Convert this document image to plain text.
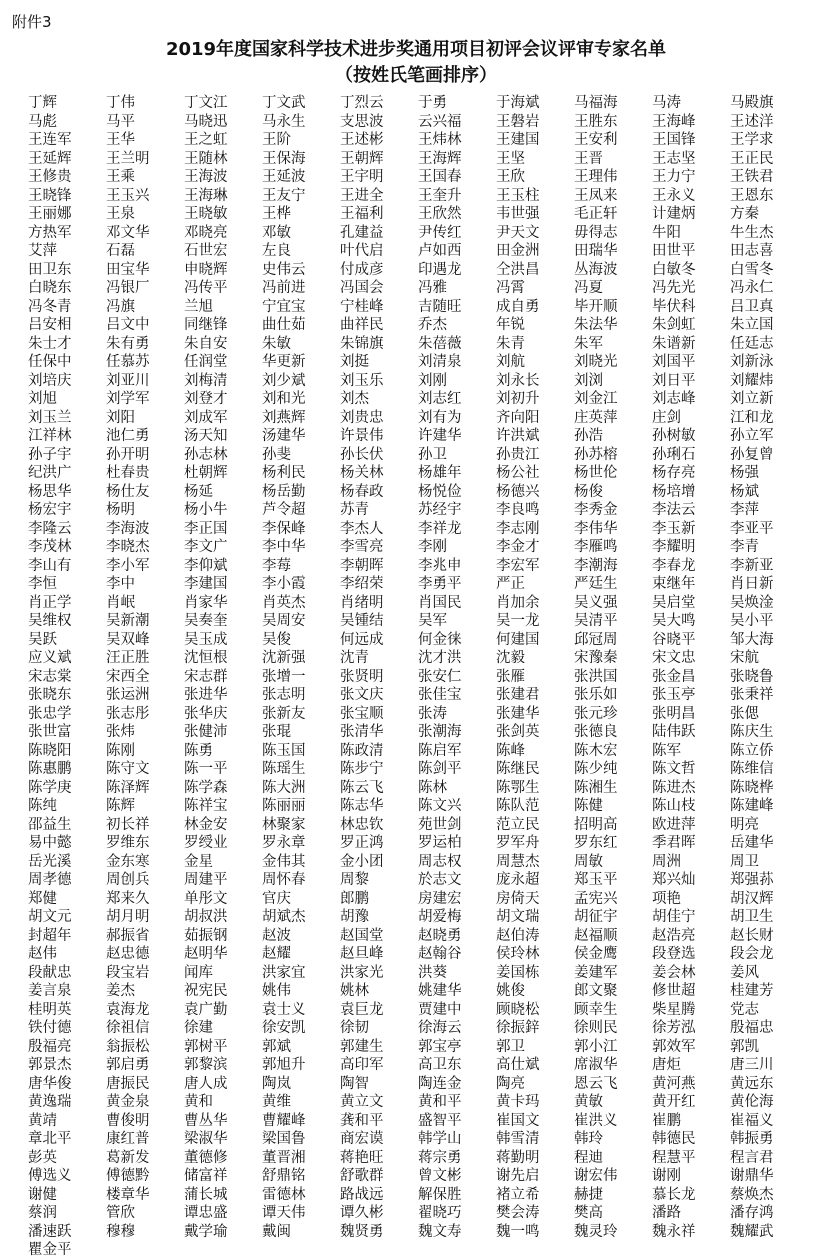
附件3
2019年度国家科学技术进步奖通用项目初评会议评审专家名单
（按姓氏笔画排序）
丁辉	丁伟	丁文江	丁文武	丁烈云	于勇	于海斌	马福海	马涛	马殿旗
马彪	马平	马晓迅	马永生	支思波	云兴福	王磐岩	王胜东	王海峰	王述洋
王连军	王华	王之虹	王阶	王述彬	王炜林	王建国	王安利	王国锋	王学求
王延辉	王兰明	王随林	王保海	王朝辉	王海辉	王坚	王晋	王志坚	王正民
王修贵	王乘	王海波	王延波	王宇明	王国春	王欣	王理伟	王力宁	王铁君
王晓锋	王玉兴	王海琳	王友宁	王进全	王奎升	王玉柱	王凤来	王永义	王恩东
王丽娜	王泉	王晓敏	王桦	王福利	王欣然	韦世强	毛正轩	计建炳	方秦
方热军	邓文华	邓晓亮	邓敏	孔建益	尹传红	尹天文	毋得志	牛阳	牛生杰
艾萍	石磊	石世宏	左良	叶代启	卢如西	田金洲	田瑞华	田世平	田志喜
田卫东	田宝华	申晓辉	史伟云	付成彦	印遇龙	仝洪昌	丛海波	白敏冬	白雪冬
白晓东	冯银厂	冯传平	冯前进	冯国会	冯雅	冯霄	冯夏	冯先光	冯永仁
冯冬青	冯旗	兰旭	宁宜宝	宁桂峰	吉随旺	成自勇	毕开顺	毕伏科	吕卫真
吕安相	吕文中	同继锋	曲仕茹	曲祥民	乔杰	年锐	朱法华	朱剑虹	朱立国
朱士才	朱有勇	朱自安	朱敏	朱锦旗	朱蓓薇	朱青	朱军	朱谱新	任廷志
任保中	任慕苏	任润堂	华更新	刘挺	刘清泉	刘航	刘晓光	刘国平	刘新泳
刘培庆	刘亚川	刘梅清	刘少斌	刘玉乐	刘刚	刘永长	刘浏	刘日平	刘耀炜
刘旭	刘学军	刘登才	刘和光	刘杰	刘志红	刘初升	刘金江	刘志峰	刘立新
刘玉兰	刘阳	刘成军	刘燕辉	刘贵忠	刘有为	齐向阳	庄英萍	庄剑	江和龙
江祥林	池仁勇	汤天知	汤建华	许景伟	许建华	许洪斌	孙浩	孙树敏	孙立军
孙子宇	孙开明	孙志林	孙斐	孙长伏	孙卫	孙贵江	孙苏榕	孙琍石	孙复曾
纪洪广	杜春贵	杜朝辉	杨利民	杨关林	杨雄年	杨公社	杨世伦	杨存亮	杨强
杨思华	杨仕友	杨延	杨岳勤	杨春政	杨悦俭	杨德兴	杨俊	杨培增	杨斌
杨宏宇	杨明	杨小牛	芦令超	苏青	苏经宇	李良鸣	李秀金	李法云	李萍
李隆云	李海波	李正国	李保峰	李杰人	李祥龙	李志刚	李伟华	李玉新	李亚平
李茂林	李晓杰	李文广	李中华	李雪亮	李刚	李金才	李雁鸣	李耀明	李青
李山有	李小军	李仰斌	李莓	李朝晖	李兆申	李宏军	李潮海	李春龙	李新亚
李恒	李中	李建国	李小霞	李绍荣	李勇平	严正	严廷生	束继年	肖日新
肖正学	肖岷	肖家华	肖英杰	肖绪明	肖国民	肖加余	吴义强	吴启堂	吴焕淦
吴维权	吴新潮	吴奏奎	吴周安	吴锺结	吴军	吴一龙	吴清平	吴大鸣	吴小平
吴跃	吴双峰	吴玉成	吴俊	何远成	何金徕	何建国	邱冠周	谷晓平	邹大海
应义斌	汪正胜	沈恒根	沈新强	沈青	沈才洪	沈毅	宋豫秦	宋文忠	宋航
宋志棠	宋西全	宋志群	张增一	张贤明	张安仁	张雁	张洪国	张金昌	张晓鲁
张晓东	张运洲	张进华	张志明	张文庆	张佳宝	张建君	张乐如	张玉亭	张秉祥
张忠学	张志彤	张华庆	张新友	张宝顺	张涛	张建华	张元珍	张明昌	张偲
张世富	张炜	张健沛	张琨	张清华	张潮海	张剑英	张德良	陆伟跃	陈庆生
陈晓阳	陈刚	陈勇	陈玉国	陈政清	陈启军	陈峰	陈木宏	陈军	陈立侨
陈惠鹏	陈守文	陈一平	陈瑶生	陈步宁	陈剑平	陈继民	陈少纯	陈文哲	陈维信
陈学庚	陈泽辉	陈学森	陈大洲	陈云飞	陈林	陈鄂生	陈湘生	陈进杰	陈晓桦
陈纯	陈辉	陈祥宝	陈丽丽	陈志华	陈文兴	陈队范	陈健	陈山枝	陈建峰
邵益生	初长祥	林金安	林聚家	林忠钦	苑世剑	范立民	招明高	欧进萍	明亮
易中懿	罗维东	罗绶业	罗永章	罗正鸿	罗运柏	罗军舟	罗东红	季君晖	岳建华
岳光溪	金东寒	金星	金伟其	金小团	周志权	周慧杰	周敏	周洲	周卫
周孝德	周创兵	周建平	周怀春	周黎	於志文	庞永超	郑玉平	郑兴灿	郑强荪
郑健	郑来久	单彤文	官庆	郎鹏	房建宏	房倚天	孟宪兴	项艳	胡汉辉
胡文元	胡月明	胡叔洪	胡斌杰	胡豫	胡爱梅	胡文瑞	胡征宇	胡佳宁	胡卫生
封超年	郝振省	茹振钢	赵波	赵国堂	赵晓勇	赵伯涛	赵福顺	赵浩亮	赵长财
赵伟	赵忠德	赵明华	赵耀	赵旦峰	赵翰谷	侯玲林	侯金鹰	段登选	段会龙
段献忠	段宝岩	闻库	洪家宜	洪家光	洪葵	姜国栋	姜建军	姜会林	姜风
姜言泉	姜杰	祝宪民	姚伟	姚林	姚建华	姚俊	郎文聚	修世超	桂建芳
桂明英	袁海龙	袁广勤	袁士义	袁巨龙	贾建中	顾晓松	顾幸生	柴星腾	党志
铁付德	徐祖信	徐建	徐安凯	徐韧	徐海云	徐振鋅	徐则民	徐芳泓	殷福忠
殷福亮	翁振松	郭树平	郭斌	郭建生	郭宝亭	郭卫	郭小江	郭效军	郭凯
郭景杰	郭启勇	郭黎滨	郭旭升	高印军	高卫东	高仕斌	席淑华	唐炬	唐三川
唐华俊	唐振民	唐人成	陶岚	陶智	陶连金	陶亮	恩云飞	黄河燕	黄远东
黄逸瑞	黄金泉	黄和	黄维	黄立文	黄和平	黄卡玛	黄敏	黄开红	黄伦海
黄靖	曹俊明	曹丛华	曹耀峰	龚和平	盛智平	崔国文	崔洪义	崔鹏	崔福义
章北平	康红普	梁淑华	梁国鲁	商宏谟	韩学山	韩雪清	韩玲	韩德民	韩振勇
彭英	葛新发	董德修	董晋湘	蒋艳旺	蒋宗勇	蒋勤明	程迪	程慧平	程言君
傅选义	傅德黔	储富祥	舒鼎铭	舒歌群	曾文彬	谢先启	谢宏伟	谢刚	谢鼎华
谢健	楼章华	蒲长城	雷德林	路战远	解保胜	褚立希	赫捷	慕长龙	蔡焕杰
蔡润	管欣	谭忠盛	谭天伟	谭久彬	翟晓巧	樊会涛	樊高	潘路	潘存鸿
潘速跃	穆穆	戴学瑜	戴闽	魏贤勇	魏文寿	魏一鸣	魏灵玲	魏永祥	魏耀武
瞿金平
